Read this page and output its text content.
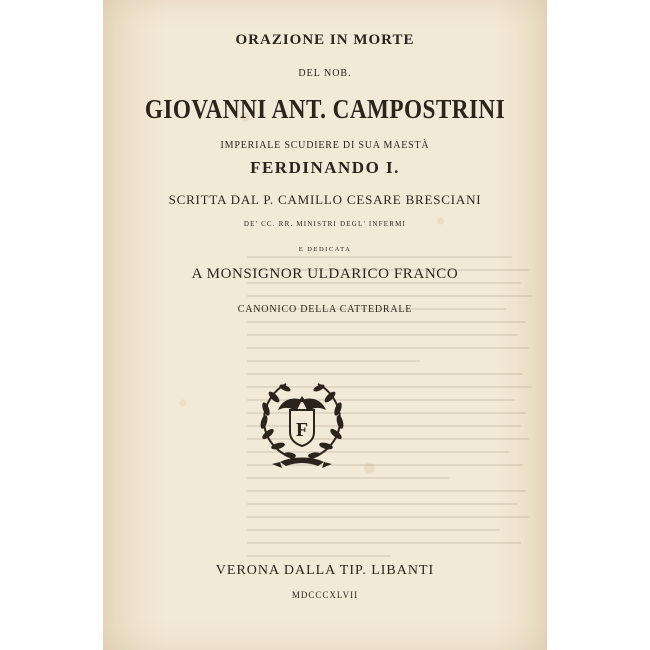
ORAZIONE IN MORTE
DEL NOB.
GIOVANNI ANT. CAMPOSTRINI
IMPERIALE SCUDIERE DI SUA MAESTÀ
FERDINANDO I.
SCRITTA DAL P. CAMILLO CESARE BRESCIANI
DE' CC. RR. MINISTRI DEGL' INFERMI
E DEDICATA
A MONSIGNOR ULDARICO FRANCO
CANONICO DELLA CATTEDRALE
F
VERONA DALLA TIP. LIBANTI
MDCCCXLVII
